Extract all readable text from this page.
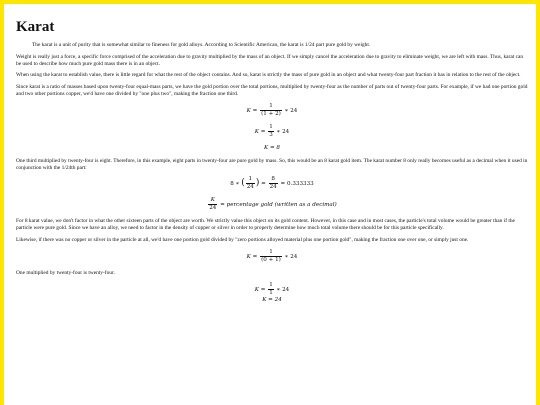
Karat

The karat is a unit of purity that is somewhat similar to fineness for gold alloys. According to Scientific American, the karat is 1/24 part pure gold by weight.

Weight is really just a force, a specific force comprised of the acceleration due to gravity multiplied by the mass of an object. If we simply cancel the acceleration due to gravity to eliminate weight, we are left with mass. Thus, karat can be used to describe how much pure gold mass there is in an object.

When using the karat to establish value, there is little regard for what the rest of the object contains. And so, karat is strictly the mass of pure gold in an object and what twenty-four part fraction it has in relation to the rest of the object.

Since karat is a ratio of masses based upon twenty-four equal-mass parts, we have the gold portion over the total portions, multiplied by twenty-four as the number of parts out of twenty-four parts. For example, if we had one portion gold and two other portions copper, we'd have one divided by "one plus two", making the fraction one third.

$K = \frac{1}{(1 + 2)}$ ∗ 24
$K = \frac{1}{3}$ ∗ 24
K = 8

One third multiplied by twenty-four is eight. Therefore, in this example, eight parts in twenty-four are pure gold by mass. So, this would be an 8 karat gold item. The karat number 8 only really becomes useful as a decimal when it used in conjunction with the 1/24th part:

8 ∗ ( $\frac{1}{24}$ ) = $\frac{8}{24} = 0.333333$
$\frac{K}{24}$ = percentage gold (written as a decimal)

For 8 karat value, we don't factor in what the other sixteen parts of the object are worth. We strictly value this object on its gold content. However, in this case and in most cases, the particle's total volume would be greater than if the particle were pure gold. Since we have an alloy, we need to factor in the density of copper or silver in order to properly determine how much total volume there should be for this particle specifically.

Likewise, if there was no copper or silver in the particle at all, we'd have one portion gold divided by "zero portions alloyed material plus one portion gold", making the fraction one over one, or simply just one.

$K = \frac{1}{(0 + 1)}$ ∗ 24

One multiplied by twenty-four is twenty-four.

$K = \frac{1}{1}$ ∗ 24
K = 24
